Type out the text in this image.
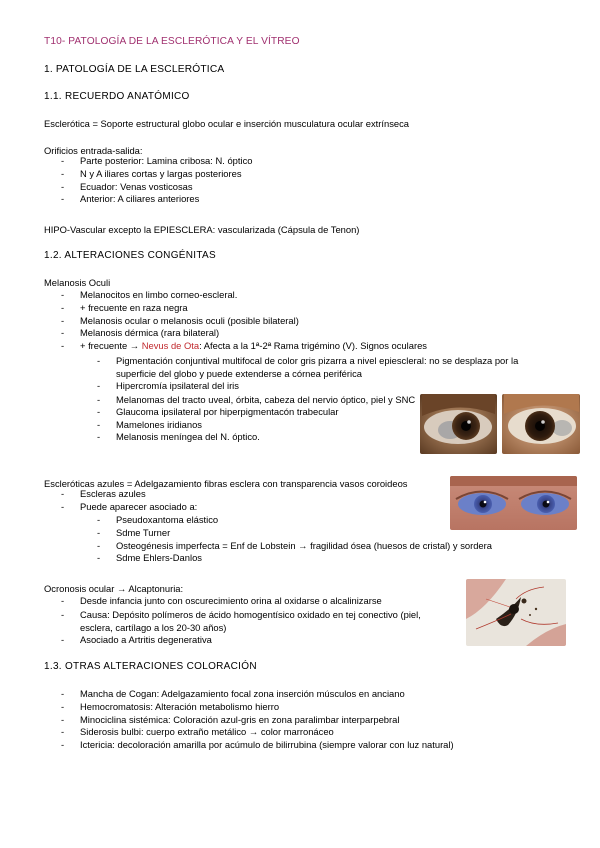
T10- PATOLOGÍA DE LA ESCLERÓTICA Y EL VÍTREO
1. PATOLOGÍA DE LA ESCLERÓTICA
1.1. RECUERDO ANATÓMICO
Esclerótica = Soporte estructural globo ocular e inserción musculatura ocular extrínseca
Orificios entrada-salida:
- Parte posterior: Lamina cribosa: N. óptico
- N y A iliares cortas y largas posteriores
- Ecuador: Venas vosticosas
- Anterior: A ciliares anteriores
HIPO-Vascular excepto la EPIESCLERA: vascularizada (Cápsula de Tenon)
1.2. ALTERACIONES CONGÉNITAS
Melanosis Oculi
- Melanocitos en limbo corneo-escleral.
- + frecuente en raza negra
- Melanosis ocular o melanosis oculi (posible bilateral)
- Melanosis dérmica (rara bilateral)
- + frecuente → Nevus de Ota: Afecta a la 1ª-2ª Rama trigémino (V). Signos oculares
- Pigmentación conjuntival multifocal de color gris pizarra a nivel epiescleral: no se desplaza por la superficie del globo y puede extenderse a córnea periférica
- Hipercromía ipsilateral del iris
- Melanomas del tracto uveal, órbita, cabeza del nervio óptico, piel y SNC
- Glaucoma ipsilateral por hiperpigmentacón trabecular
- Mamelones iridianos
- Melanosis meníngea del N. óptico.
Escleróticas azules = Adelgazamiento fibras esclera con transparencia vasos coroideos
- Escleras azules
- Puede aparecer asociado a:
- Pseudoxantoma elástico
- Sdme Turner
- Osteogénesis imperfecta = Enf de Lobstein → fragilidad ósea (huesos de cristal) y sordera
- Sdme Ehlers-Danlos
Ocronosis ocular → Alcaptonuria:
- Desde infancia junto con oscurecimiento orina al oxidarse o alcalinizarse
- Causa: Depósito polímeros de ácido homogentísico oxidado en tej conectivo (piel, esclera, cartílago a los 20-30 años)
- Asociado a Artritis degenerativa
1.3. OTRAS ALTERACIONES COLORACIÓN
- Mancha de Cogan: Adelgazamiento focal zona inserción músculos en anciano
- Hemocromatosis: Alteración metabolismo hierro
- Minociclina sistémica: Coloración azul-gris en zona paralimbar interparpebral
- Siderosis bulbi: cuerpo extraño metálico → color marronáceo
- Ictericia: decoloración amarilla por acúmulo de bilirrubina (siempre valorar con luz natural)
